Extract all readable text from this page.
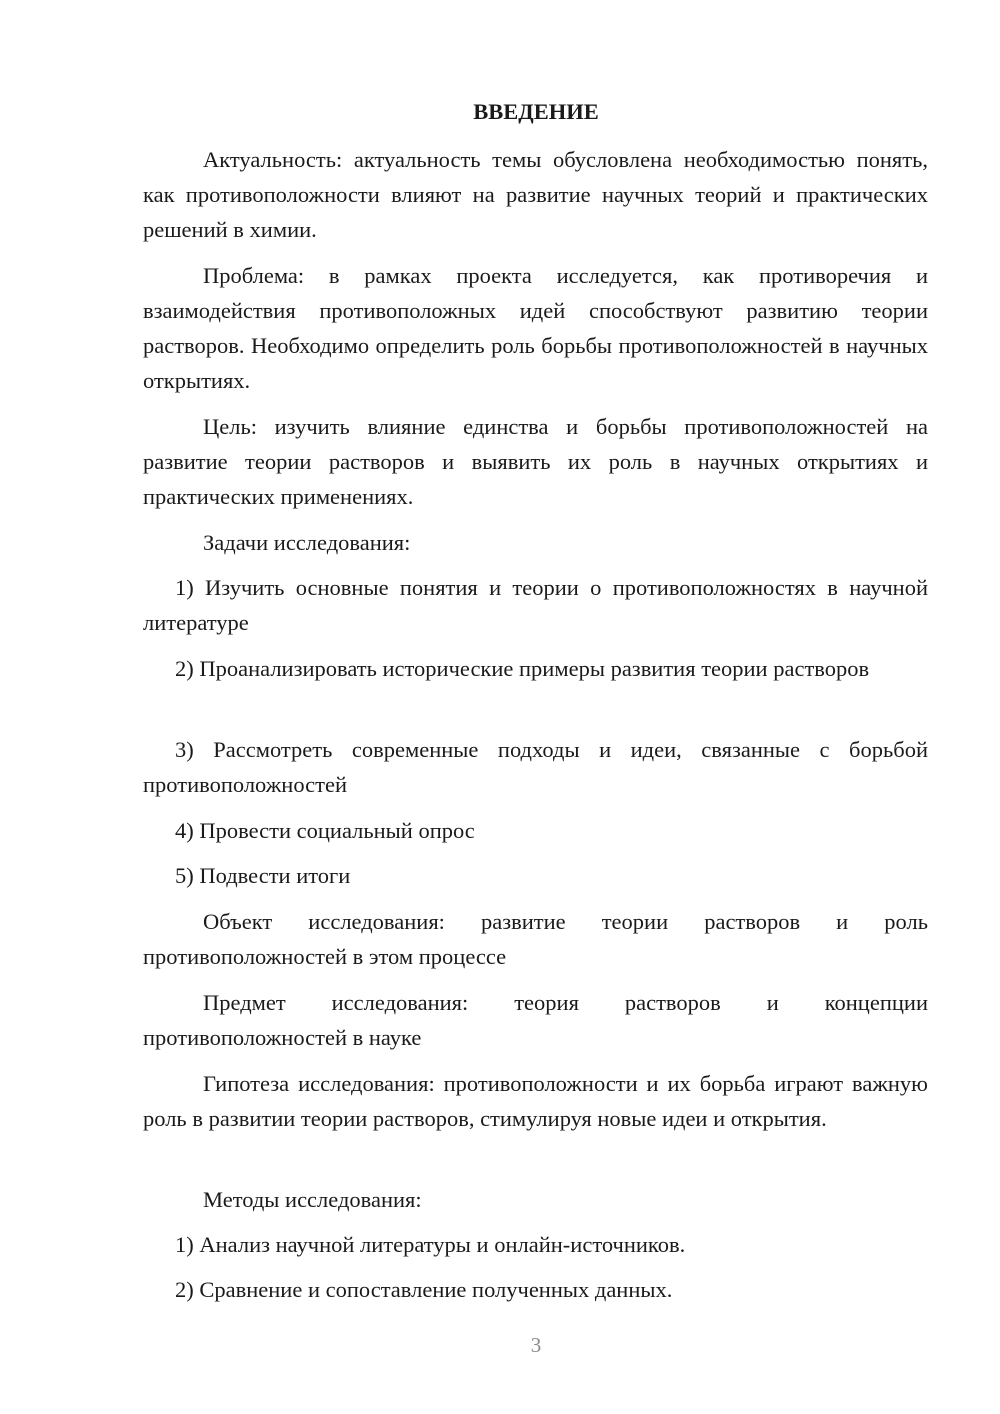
ВВЕДЕНИЕ

Актуальность: актуальность темы обусловлена необходимостью понять, как противоположности влияют на развитие научных теорий и практических решений в химии.

Проблема: в рамках проекта исследуется, как противоречия и взаимодействия противоположных идей способствуют развитию теории растворов. Необходимо определить роль борьбы противоположностей в научных открытиях.

Цель: изучить влияние единства и борьбы противоположностей на развитие теории растворов и выявить их роль в научных открытиях и практических применениях.

Задачи исследования:

1) Изучить основные понятия и теории о противоположностях в научной литературе

2) Проанализировать исторические примеры развития теории растворов

3) Рассмотреть современные подходы и идеи, связанные с борьбой противоположностей

4) Провести социальный опрос

5) Подвести итоги

Объект исследования: развитие теории растворов и роль противоположностей в этом процессе

Предмет исследования: теория растворов и концепции противоположностей в науке

Гипотеза исследования: противоположности и их борьба играют важную роль в развитии теории растворов, стимулируя новые идеи и открытия.

Методы исследования:

1) Анализ научной литературы и онлайн-источников.

2) Сравнение и сопоставление полученных данных.

3
